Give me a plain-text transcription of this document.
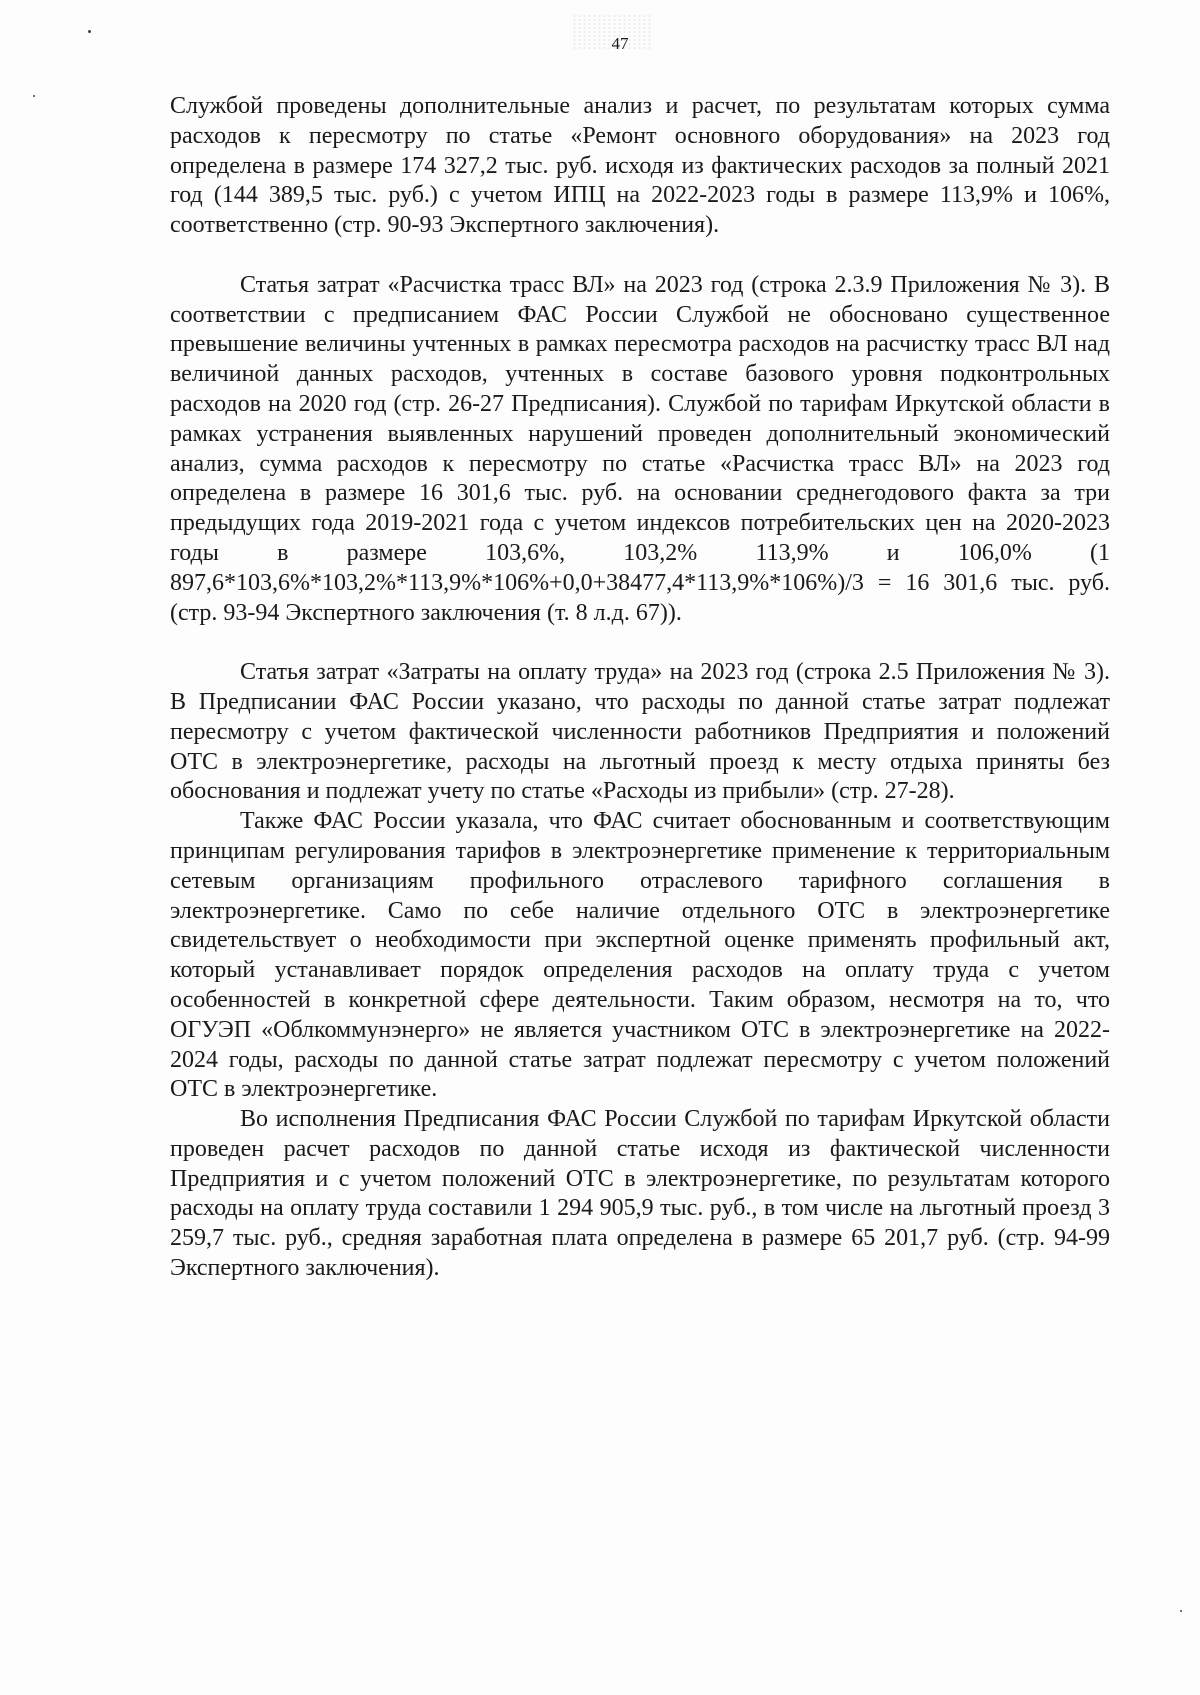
47

Службой проведены дополнительные анализ и расчет, по результатам которых сумма расходов к пересмотру по статье «Ремонт основного оборудования» на 2023 год определена в размере 174 327,2 тыс. руб. исходя из фактических расходов за полный 2021 год (144 389,5 тыс. руб.) с учетом ИПЦ на 2022-2023 годы в размере 113,9% и 106%, соответственно (стр. 90-93 Экспертного заключения).

Статья затрат «Расчистка трасс ВЛ» на 2023 год (строка 2.3.9 Приложения № 3). В соответствии с предписанием ФАС России Службой не обосновано существенное превышение величины учтенных в рамках пересмотра расходов на расчистку трасс ВЛ над величиной данных расходов, учтенных в составе базового уровня подконтрольных расходов на 2020 год (стр. 26-27 Предписания). Службой по тарифам Иркутской области в рамках устранения выявленных нарушений проведен дополнительный экономический анализ, сумма расходов к пересмотру по статье «Расчистка трасс ВЛ» на 2023 год определена в размере 16 301,6 тыс. руб. на основании среднегодового факта за три предыдущих года 2019-2021 года с учетом индексов потребительских цен на 2020-2023 годы в размере 103,6%, 103,2% 113,9% и 106,0% (1 897,6*103,6%*103,2%*113,9%*106%+0,0+38477,4*113,9%*106%)/3 = 16 301,6 тыс. руб. (стр. 93-94 Экспертного заключения (т. 8 л.д. 67)).

Статья затрат «Затраты на оплату труда» на 2023 год (строка 2.5 Приложения № 3). В Предписании ФАС России указано, что расходы по данной статье затрат подлежат пересмотру с учетом фактической численности работников Предприятия и положений ОТС в электроэнергетике, расходы на льготный проезд к месту отдыха приняты без обоснования и подлежат учету по статье «Расходы из прибыли» (стр. 27-28).

Также ФАС России указала, что ФАС считает обоснованным и соответствующим принципам регулирования тарифов в электроэнергетике применение к территориальным сетевым организациям профильного отраслевого тарифного соглашения в электроэнергетике. Само по себе наличие отдельного ОТС в электроэнергетике свидетельствует о необходимости при экспертной оценке применять профильный акт, который устанавливает порядок определения расходов на оплату труда с учетом особенностей в конкретной сфере деятельности. Таким образом, несмотря на то, что ОГУЭП «Облкоммунэнерго» не является участником ОТС в электроэнергетике на 2022-2024 годы, расходы по данной статье затрат подлежат пересмотру с учетом положений ОТС в электроэнергетике.

Во исполнения Предписания ФАС России Службой по тарифам Иркутской области проведен расчет расходов по данной статье исходя из фактической численности Предприятия и с учетом положений ОТС в электроэнергетике, по результатам которого расходы на оплату труда составили 1 294 905,9 тыс. руб., в том числе на льготный проезд 3 259,7 тыс. руб., средняя заработная плата определена в размере 65 201,7 руб. (стр. 94-99 Экспертного заключения).
